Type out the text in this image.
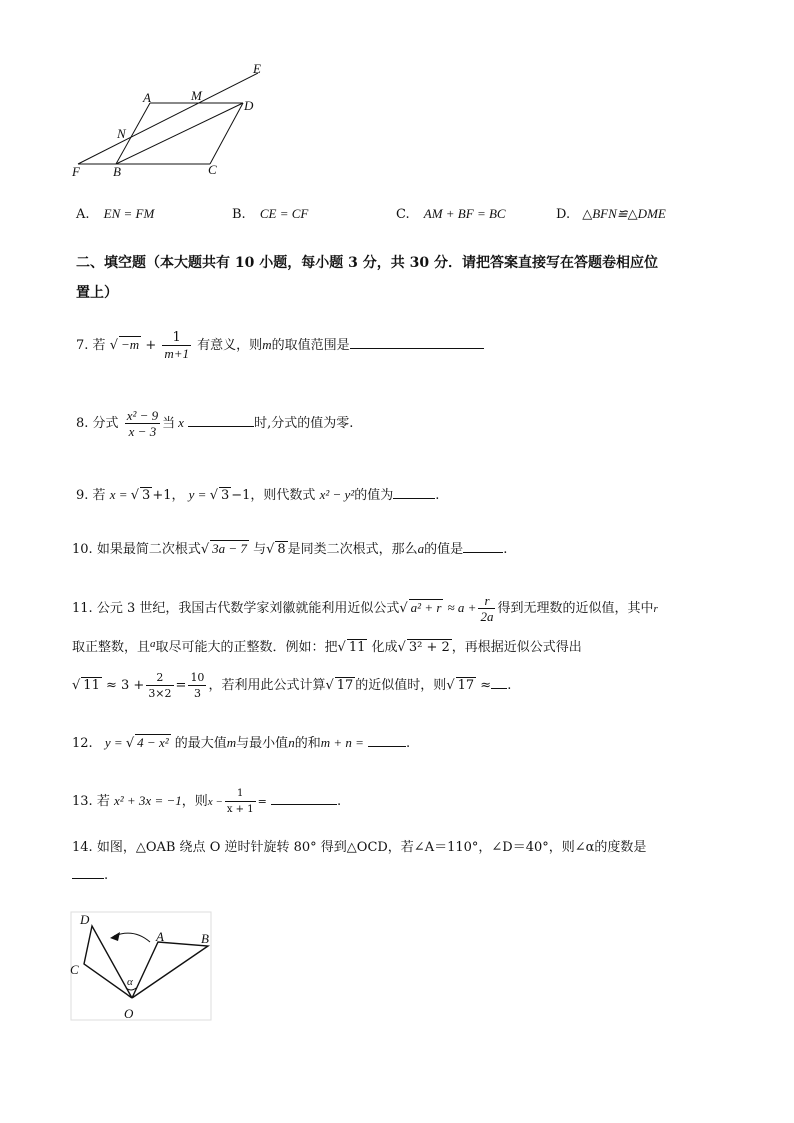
E
A	M
D
N
F	B	C
A. EN = FM	B. CE = CF	C. AM + BF = BC	D. △BFN≌△DME
二、填空题（本大题共有 10 小题，每小题 3 分，共 30 分．请把答案直接写在答题卷相应位
置上）
7. 若 √ $-m + \frac{1}{m+1}$ 有意义，则m的取值范围是
8. 分式 $\frac{\text{x² − 9}}{x - 3}$ 当 x	时,分式的值为零.
9. 若 x = √ 3 +1， y = √ 3 −1，则代数式 x² − y²的值为	.
10. 如果最简二次根式√ 3a − 7 与√ 8 是同类二次根式，那么a的值是	.
11. 公元 3 世纪，我国古代数学家刘徽就能利用近似公式√ $a^2 + r \approx a + \frac{r}{2a}$ 得到无理数的近似值，其中r
取正整数，且$^a$取尽可能大的正整数．例如：把√ 11 化成√ 3² + 2 ，再根据近似公式得出
√ $11 \approx 3 + \frac{2}{3\times 2} = \frac{10}{3}$ ，若利用此公式计算√ 17 的近似值时，则√ 17 ≈ .
12. y = √ 4 − x² 的最大值m与最小值n的和m + n =	.
13. 若 x² + 3x = −1，则$x - \frac{1}{x + 1}$ =	.
14. 如图，△OAB 绕点 O 逆时针旋转 80° 得到△OCD，若∠A＝110°，∠D＝40°，则∠α的度数是
.
D
A	B
C
α
O
